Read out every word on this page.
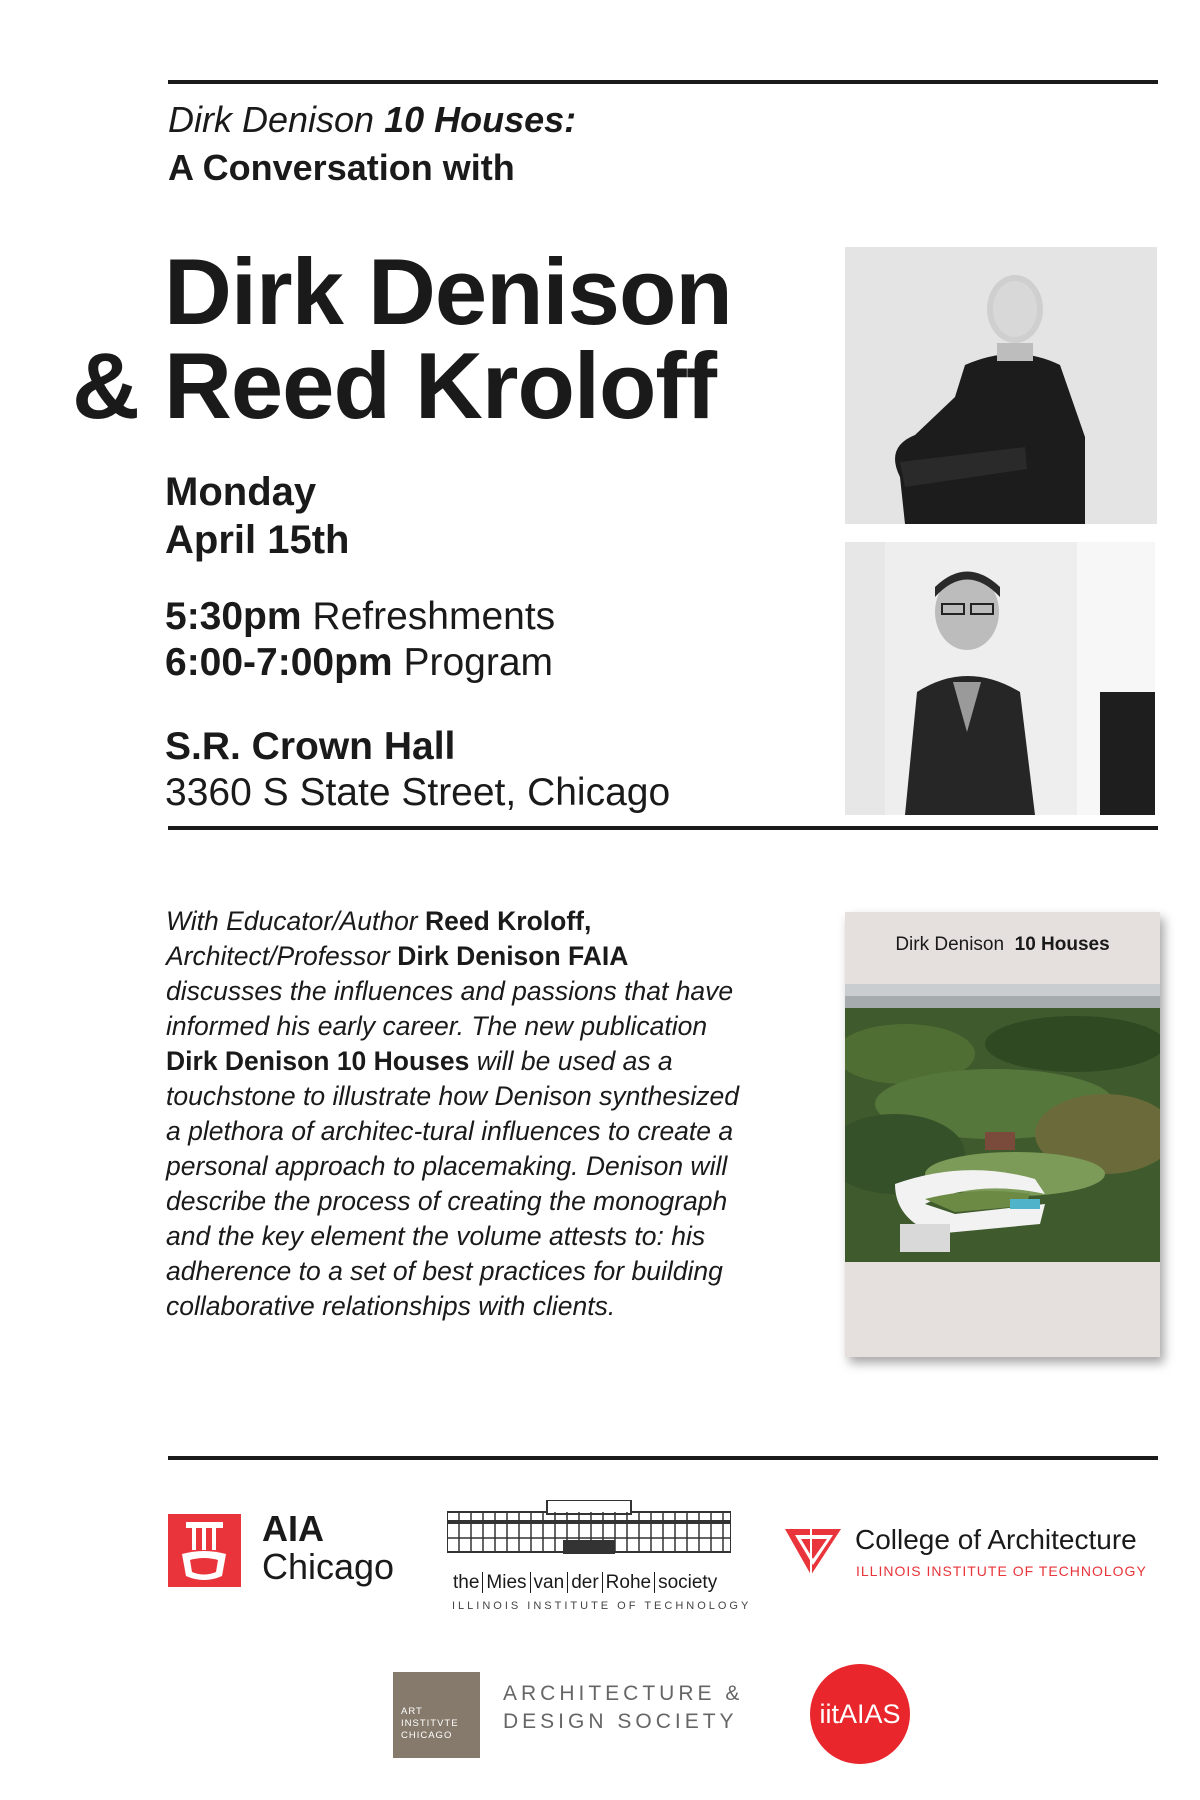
Dirk Denison 10 Houses:
A Conversation with
Dirk Denison
& Reed Kroloff
Monday
April 15th
5:30pm Refreshments
6:00-7:00pm Program
S.R. Crown Hall
3360 S State Street, Chicago
With Educator/Author Reed Kroloff,
Architect/Professor Dirk Denison FAIA discusses the influences and passions that have informed his early career. The new publication Dirk Denison 10 Houses will be used as a touchstone to illustrate how Denison synthesized a plethora of architec-tural influences to create a personal approach to placemaking. Denison will describe the process of creating the monograph and the key element the volume attests to: his adherence to a set of best practices for building collaborative relationships with clients.
Dirk Denison 10 Houses
AIA
Chicago	the Mies van der Rohe society
ILLINOIS INSTITUTE OF TECHNOLOGY
College of Architecture
ILLINOIS INSTITUTE OF TECHNOLOGY
ART
INSTITVTE
CHICAGO
ARCHITECTURE &
DESIGN SOCIETY	iitAIAS
